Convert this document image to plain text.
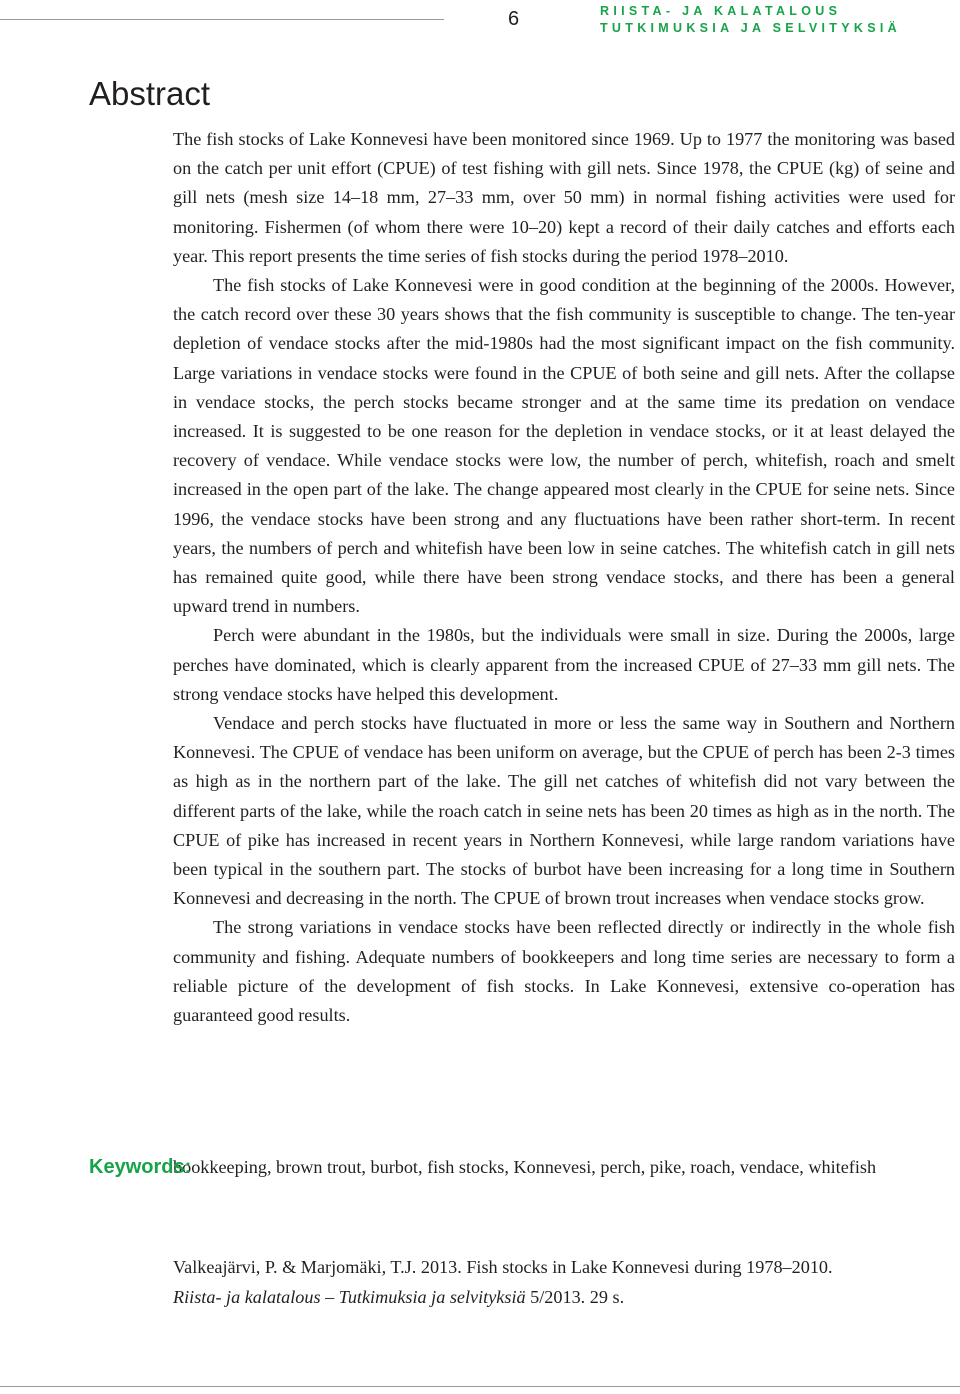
6	RIISTA- JA KALATALOUS
TUTKIMUKSIA JA SELVITYKSIÄ
Abstract

The fish stocks of Lake Konnevesi have been monitored since 1969. Up to 1977 the monitoring was based on the catch per unit effort (CPUE) of test fishing with gill nets. Since 1978, the CPUE (kg) of seine and gill nets (mesh size 14–18 mm, 27–33 mm, over 50 mm) in normal fishing activities were used for monitoring. Fishermen (of whom there were 10–20) kept a record of their daily catches and efforts each year. This report presents the time series of fish stocks during the period 1978–2010.

The fish stocks of Lake Konnevesi were in good condition at the beginning of the 2000s. However, the catch record over these 30 years shows that the fish community is susceptible to change. The ten-year depletion of vendace stocks after the mid-1980s had the most significant impact on the fish community. Large variations in vendace stocks were found in the CPUE of both seine and gill nets. After the collapse in vendace stocks, the perch stocks became stronger and at the same time its predation on vendace increased. It is suggested to be one reason for the depletion in vendace stocks, or it at least delayed the recovery of vendace. While vendace stocks were low, the number of perch, whitefish, roach and smelt increased in the open part of the lake. The change appeared most clearly in the CPUE for seine nets. Since 1996, the vendace stocks have been strong and any fluctuations have been rather short-term. In recent years, the numbers of perch and whitefish have been low in seine catches. The whitefish catch in gill nets has remained quite good, while there have been strong vendace stocks, and there has been a general upward trend in numbers.

Perch were abundant in the 1980s, but the individuals were small in size. During the 2000s, large perches have dominated, which is clearly apparent from the increased CPUE of 27–33 mm gill nets. The strong vendace stocks have helped this development.

Vendace and perch stocks have fluctuated in more or less the same way in Southern and Northern Konnevesi. The CPUE of vendace has been uniform on average, but the CPUE of perch has been 2-3 times as high as in the northern part of the lake. The gill net catches of whitefish did not vary between the different parts of the lake, while the roach catch in seine nets has been 20 times as high as in the north. The CPUE of pike has increased in recent years in Northern Konnevesi, while large random variations have been typical in the southern part. The stocks of burbot have been increasing for a long time in Southern Konnevesi and decreasing in the north. The CPUE of brown trout increases when vendace stocks grow.

The strong variations in vendace stocks have been reflected directly or indirectly in the whole fish community and fishing. Adequate numbers of bookkeepers and long time series are necessary to form a reliable picture of the development of fish stocks. In Lake Konnevesi, extensive co-operation has guaranteed good results.

Keywords:
bookkeeping, brown trout, burbot, fish stocks, Konnevesi, perch, pike, roach, vendace, whitefish
Valkeajärvi, P. & Marjomäki, T.J. 2013. Fish stocks in Lake Konnevesi during 1978–2010.
Riista- ja kalatalous – Tutkimuksia ja selvityksiä 5/2013. 29 s.
